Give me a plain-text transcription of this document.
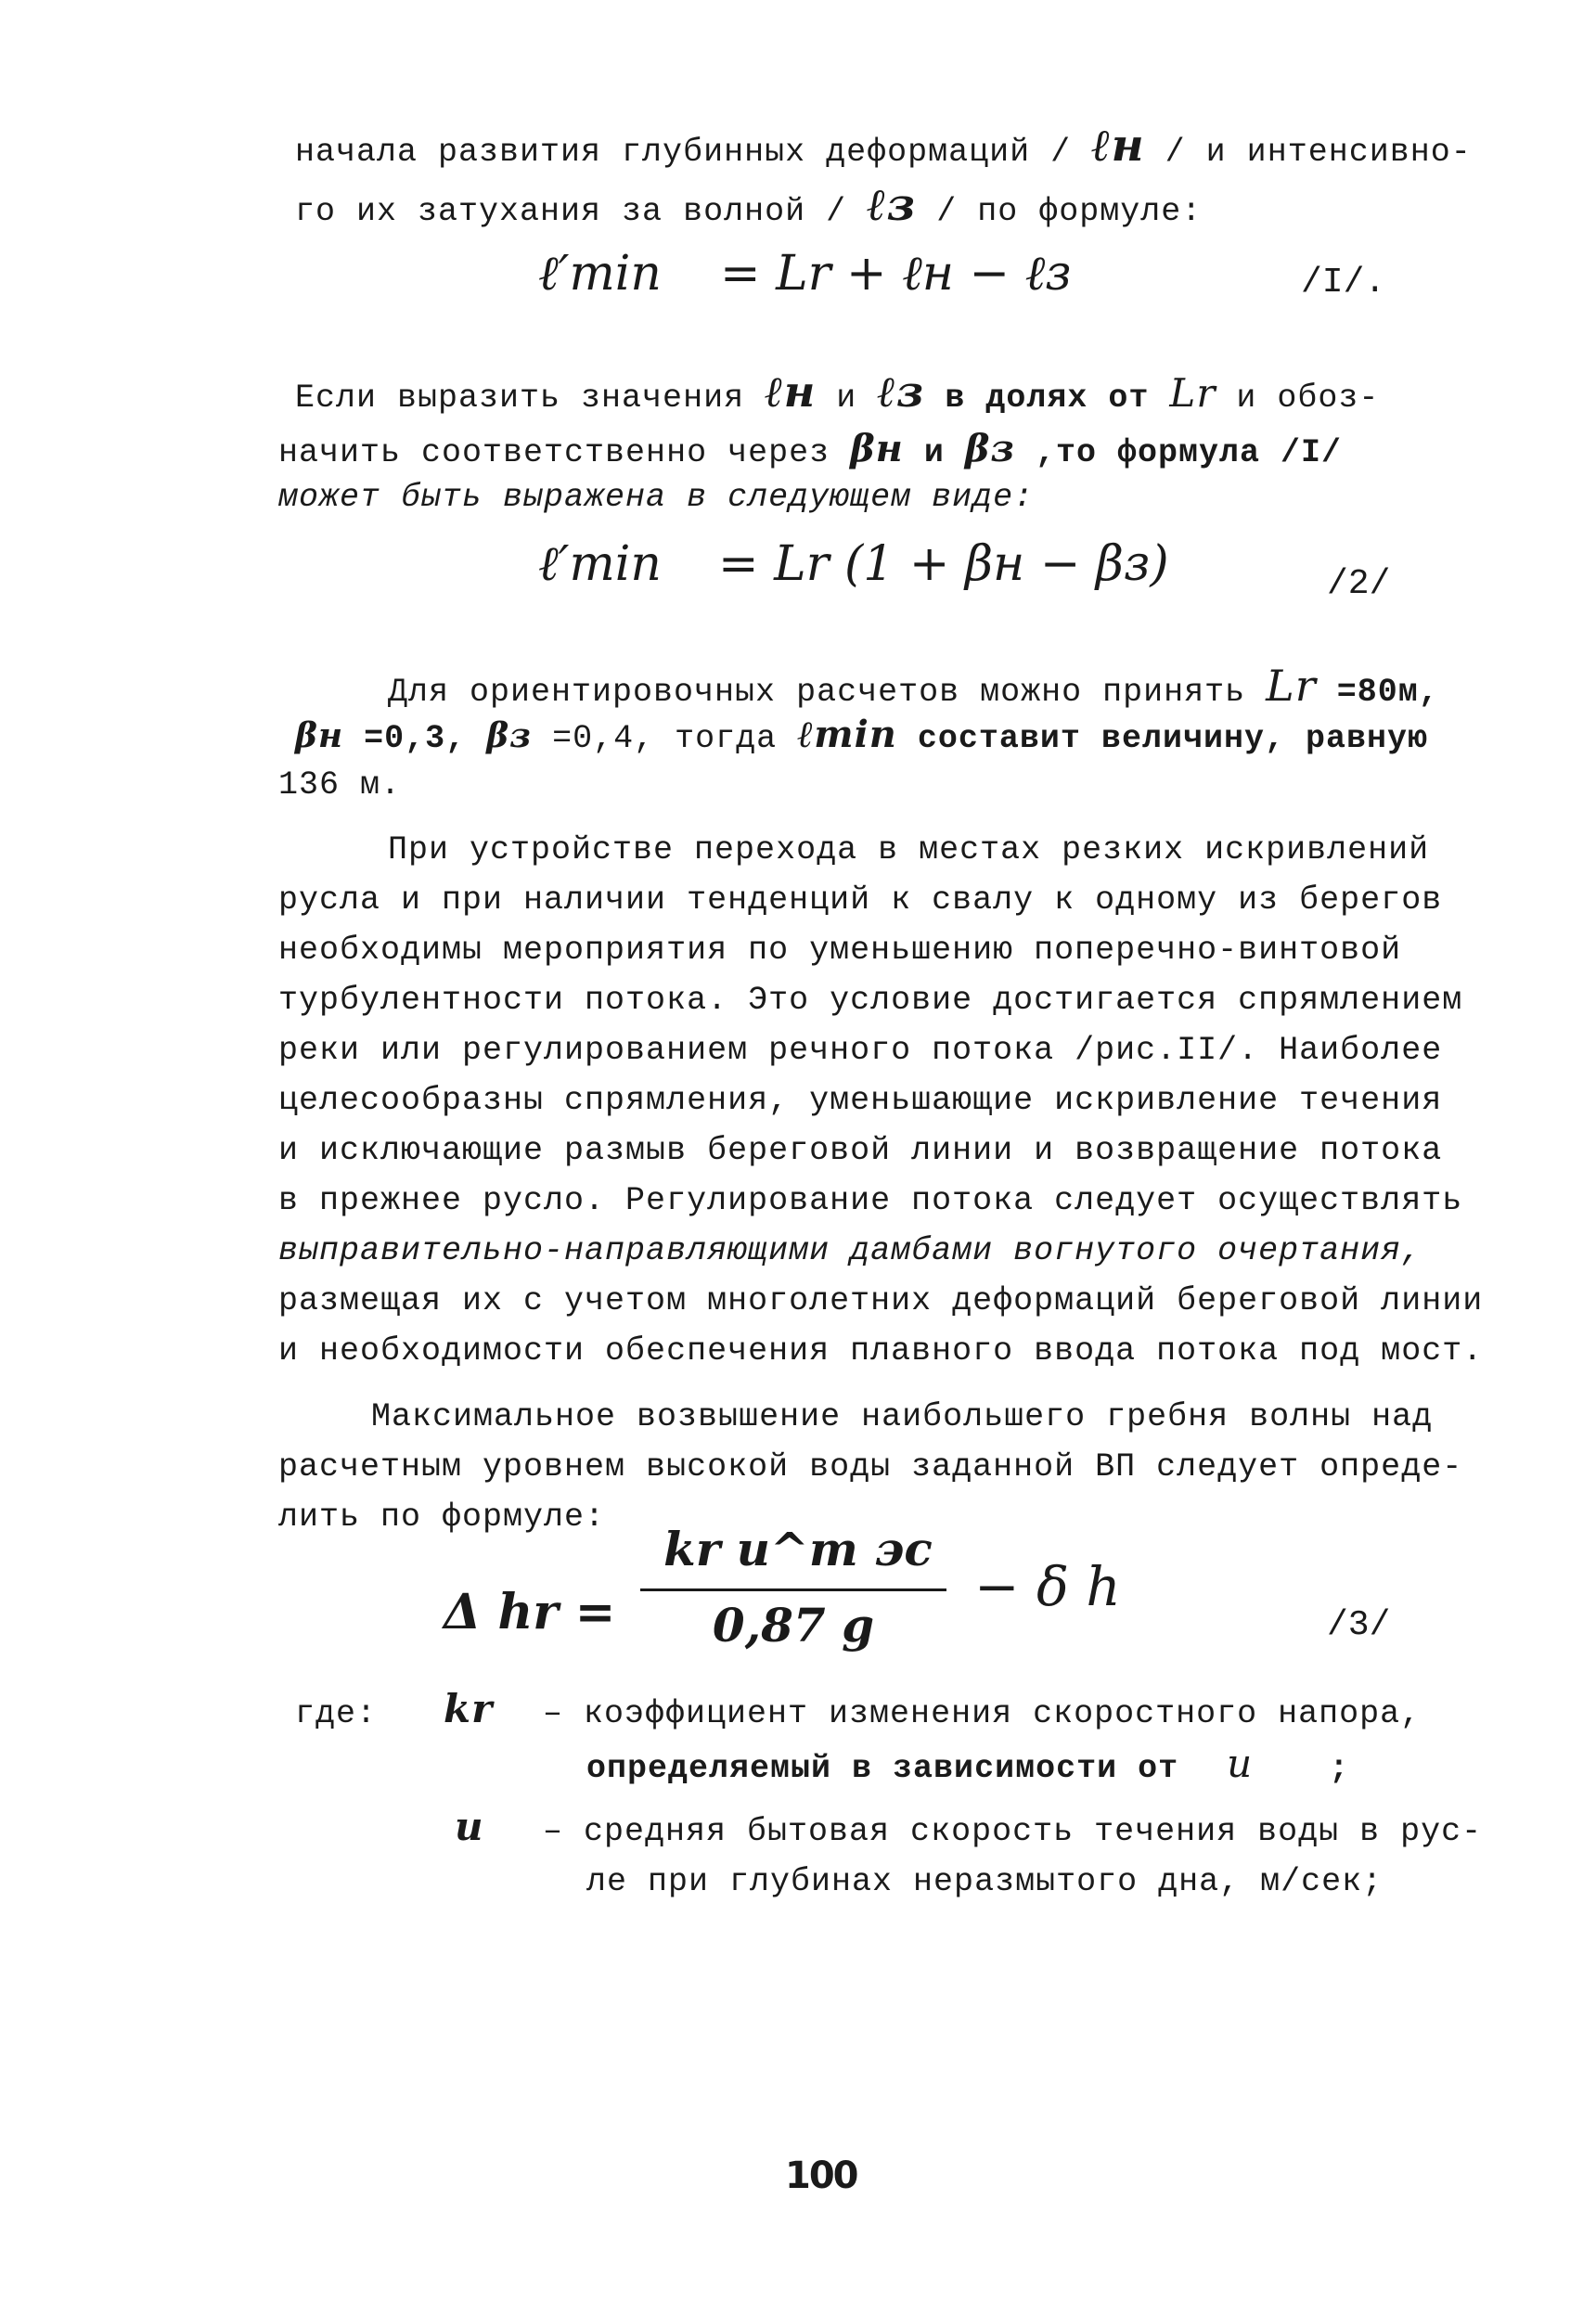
начала развития глубинных деформаций / ℓн / и интенсивно-
го их затухания за волной / ℓз / по формуле:
ℓ′min = Lr + ℓн − ℓз	/I/.
Если выразить значения ℓн и ℓз в долях от Lr и обоз-
начить соответственно через βн и βз ,то формула /I/
может быть выражена в следующем виде:
ℓ′min = Lr (1 + βн − βз)	/2/
Для ориентировочных расчетов можно принять Lr =80м,
βн =0,3, βз =0,4, тогда ℓmin составит величину, равную
136 м.
При устройстве перехода в местах резких искривлений
русла и при наличии тенденций к свалу к одному из берегов
необходимы мероприятия по уменьшению поперечно-винтовой
турбулентности потока. Это условие достигается спрямлением
реки или регулированием речного потока /рис.II/. Наиболее
целесообразны спрямления, уменьшающие искривление течения
и исключающие размыв береговой линии и возвращение потока
в прежнее русло. Регулирование потока следует осуществлять
выправительно-направляющими дамбами вогнутого очертания,
размещая их с учетом многолетних деформаций береговой линии
и необходимости обеспечения плавного ввода потока под мост.
Максимальное возвышение наибольшего гребня волны над
расчетным уровнем высокой воды заданной ВП следует опреде-
лить по формуле:
Δ hr =
kr u^m эс
0,87 g
− δ h
/3/
где: kr – коэффициент изменения скоростного напора,
определяемый в зависимости от u ;
u – средняя бытовая скорость течения воды в рус-
ле при глубинах неразмытого дна, м/сек;
100
